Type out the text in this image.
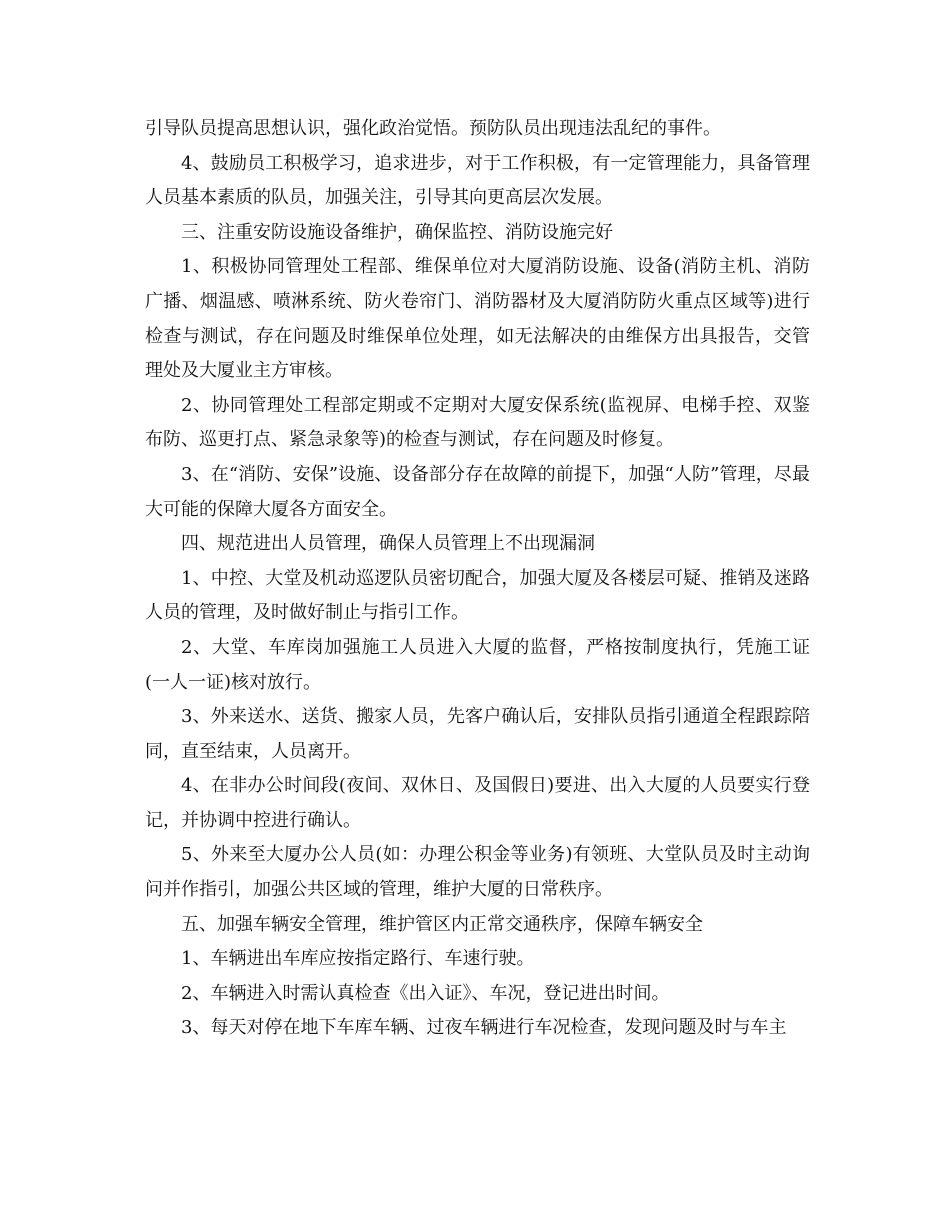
引导队员提高思想认识，强化政治觉悟。预防队员出现违法乱纪的事件。

4、鼓励员工积极学习，追求进步，对于工作积极，有一定管理能力，具备管理人员基本素质的队员，加强关注，引导其向更高层次发展。

三、注重安防设施设备维护，确保监控、消防设施完好

1、积极协同管理处工程部、维保单位对大厦消防设施、设备(消防主机、消防广播、烟温感、喷淋系统、防火卷帘门、消防器材及大厦消防防火重点区域等)进行检查与测试，存在问题及时维保单位处理，如无法解决的由维保方出具报告，交管理处及大厦业主方审核。

2、协同管理处工程部定期或不定期对大厦安保系统(监视屏、电梯手控、双鉴布防、巡更打点、紧急录象等)的检查与测试，存在问题及时修复。

3、在“消防、安保”设施、设备部分存在故障的前提下，加强“人防”管理，尽最大可能的保障大厦各方面安全。

四、规范进出人员管理，确保人员管理上不出现漏洞

1、中控、大堂及机动巡逻队员密切配合，加强大厦及各楼层可疑、推销及迷路人员的管理，及时做好制止与指引工作。

2、大堂、车库岗加强施工人员进入大厦的监督，严格按制度执行，凭施工证(一人一证)核对放行。

3、外来送水、送货、搬家人员，先客户确认后，安排队员指引通道全程跟踪陪同，直至结束，人员离开。

4、在非办公时间段(夜间、双休日、及国假日)要进、出入大厦的人员要实行登记，并协调中控进行确认。

5、外来至大厦办公人员(如：办理公积金等业务)有领班、大堂队员及时主动询问并作指引，加强公共区域的管理，维护大厦的日常秩序。

五、加强车辆安全管理，维护管区内正常交通秩序，保障车辆安全

1、车辆进出车库应按指定路行、车速行驶。

2、车辆进入时需认真检查《出入证》、车况，登记进出时间。

3、每天对停在地下车库车辆、过夜车辆进行车况检查，发现问题及时与车主
